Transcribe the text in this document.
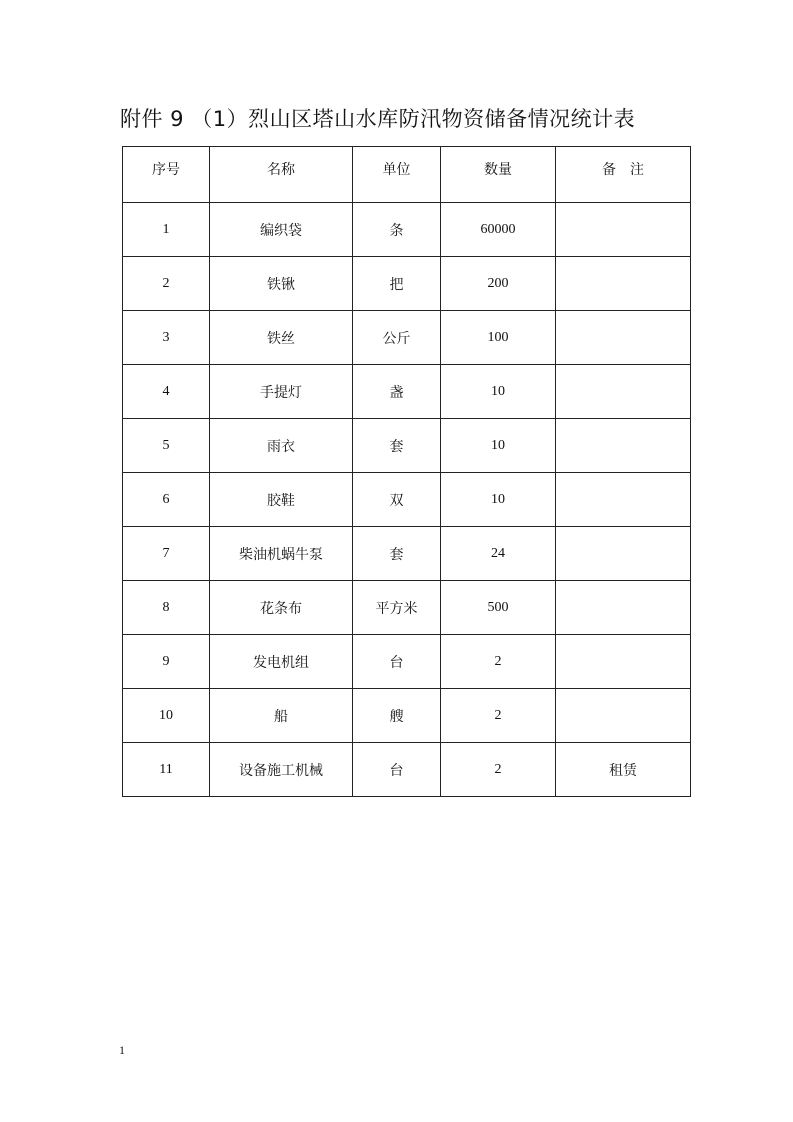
附件 9 （1）烈山区塔山水库防汛物资储备情况统计表
序号	名称	单位	数量	备　注
1	编织袋	条	60000	
2	铁锹	把	200	
3	铁丝	公斤	100	
4	手提灯	盏	10	
5	雨衣	套	10	
6	胶鞋	双	10	
7	柴油机蜗牛泵	套	24	
8	花条布	平方米	500	
9	发电机组	台	2	
10	船	艘	2	
11	设备施工机械	台	2	租赁
1
